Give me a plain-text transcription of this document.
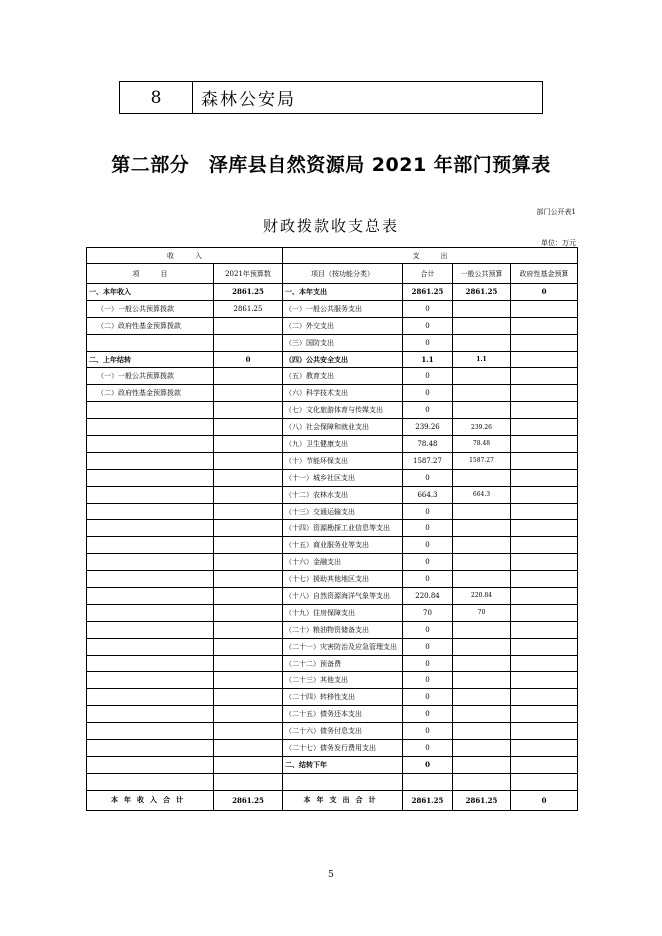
8	森林公安局
第二部分　泽库县自然资源局 2021 年部门预算表
部门公开表1
财政拨款收支总表
单位：万元
收　　　入		支　　　出			
项　　　目	2021年预算数	项目（按功能分类）	合计	一般公共预算	政府性基金预算
一、本年收入	2861.25	一、本年支出	2861.25	2861.25	0
（一）一般公共预算拨款	2861.25	（一）一般公共服务支出	0		
（二）政府性基金预算拨款		（二）外交支出	0		
		（三）国防支出	0		
二、上年结转	0	（四）公共安全支出	1.1	1.1	
（一）一般公共预算拨款		（五）教育支出	0		
（二）政府性基金预算拨款		（六）科学技术支出	0		
		（七）文化旅游体育与传媒支出	0		
		（八）社会保障和就业支出	239.26	239.26	
		（九）卫生健康支出	78.48	78.48	
		（十）节能环保支出	1587.27	1587.27	
		（十一）城乡社区支出	0		
		（十二）农林水支出	664.3	664.3	
		（十三）交通运输支出	0		
		（十四）资源勘探工业信息等支出	0		
		（十五）商业服务业等支出	0		
		（十六）金融支出	0		
		（十七）援助其他地区支出	0		
		（十八）自然资源海洋气象等支出	220.84	220.84	
		（十九）住房保障支出	70	70	
		（二十）粮油物资储备支出	0		
		（二十一）灾害防治及应急管理支出	0		
		（二十二）预备费	0		
		（二十三）其他支出	0		
		（二十四）转移性支出	0		
		（二十五）债务还本支出	0		
		（二十六）债务付息支出	0		
		（二十七）债务发行费用支出	0		
		二、结转下年	0		

本年收入合计	2861.25	本年支出合计	2861.25	2861.25	0
5
